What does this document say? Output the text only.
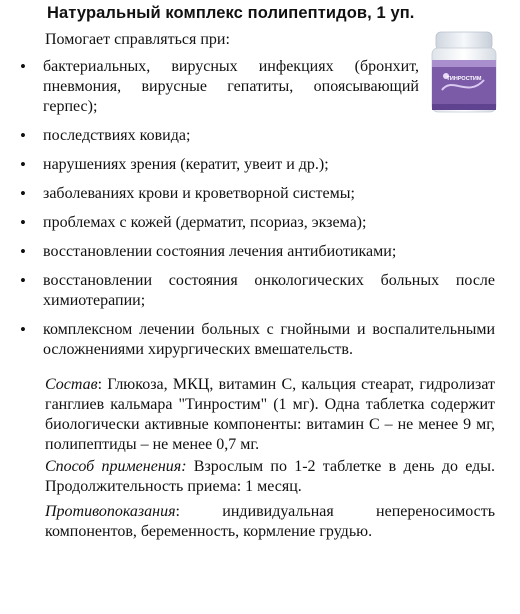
Натуральный комплекс полипептидов, 1 уп.
ТИНРОСТИМ
Помогает справляться при:
• бактериальных, вирусных инфекциях (бронхит, пневмония, вирусные гепатиты, опоясывающий герпес);
• последствиях ковида;
• нарушениях зрения (кератит, увеит и др.);
• заболеваниях крови и кроветворной системы;
• проблемах с кожей (дерматит, псориаз, экзема);
• восстановлении состояния лечения антибиотиками;
• восстановлении состояния онкологических больных после химиотерапии;
• комплексном лечении больных с гнойными и воспалительными осложнениями хирургических вмешательств.
Состав: Глюкоза, МКЦ, витамин С, кальция стеарат, гидролизат ганглиев кальмара "Тинростим" (1 мг). Одна таблетка содержит биологически активные компоненты: витамин С – не менее 9 мг, полипептиды – не менее 0,7 мг.
Способ применения: Взрослым по 1-2 таблетке в день до еды. Продолжительность приема: 1 месяц.
Противопоказания: индивидуальная непереносимость компонентов, беременность, кормление грудью.
